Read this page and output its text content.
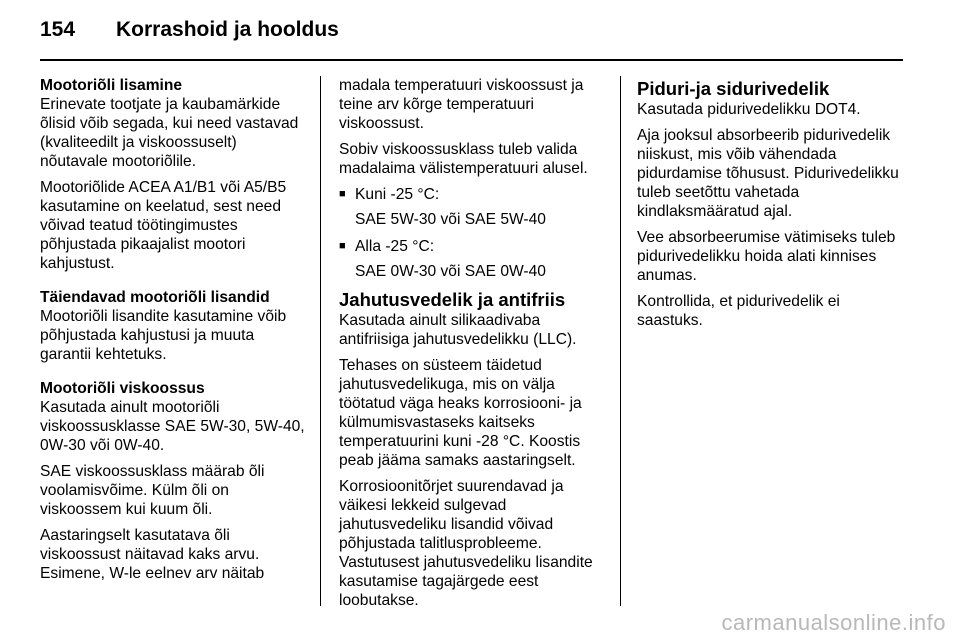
154 Korrashoid ja hooldus
Mootoriõli lisamine

Erinevate tootjate ja kaubamärkide õlisid võib segada, kui need vastavad (kvaliteedilt ja viskoossuselt) nõutavale mootoriõlile.

Mootoriõlide ACEA A1/B1 või A5/B5 kasutamine on keelatud, sest need võivad teatud töötingimustes põhjustada pikaajalist mootori kahjustust.

Täiendavad mootoriõli lisandid

Mootoriõli lisandite kasutamine võib põhjustada kahjustusi ja muuta garantii kehtetuks.

Mootoriõli viskoossus

Kasutada ainult mootoriõli viskoossusklasse SAE 5W-30, 5W-40, 0W-30 või 0W-40.

SAE viskoossusklass määrab õli voolamisvõime. Külm õli on viskoossem kui kuum õli.

Aastaringselt kasutatava õli viskoossust näitavad kaks arvu. Esimene, W-le eelnev arv näitab

madala temperatuuri viskoossust ja teine arv kõrge temperatuuri viskoossust.

Sobiv viskoossusklass tuleb valida madalaima välistemperatuuri alusel.

■ Kuni -25 °C:
SAE 5W-30 või SAE 5W-40
■ Alla -25 °C:
SAE 0W-30 või SAE 0W-40
Jahutusvedelik ja antifriis

Kasutada ainult silikaadivaba antifriisiga jahutusvedelikku (LLC).

Tehases on süsteem täidetud jahutusvedelikuga, mis on välja töötatud väga heaks korrosiooni- ja külmumisvastaseks kaitseks temperatuurini kuni -28 °C. Koostis peab jääma samaks aastaringselt.

Korrosioonitõrjet suurendavad ja väikesi lekkeid sulgevad jahutusvedeliku lisandid võivad põhjustada talitlusprobleeme. Vastutusest jahutusvedeliku lisandite kasutamise tagajärgede eest loobutakse.

Piduri-ja sidurivedelik

Kasutada pidurivedelikku DOT4.

Aja jooksul absorbeerib pidurivedelik niiskust, mis võib vähendada pidurdamise tõhusust. Pidurivedelikku tuleb seetõttu vahetada kindlaksmääratud ajal.

Vee absorbeerumise vätimiseks tuleb pidurivedelikku hoida alati kinnises anumas.

Kontrollida, et pidurivedelik ei saastuks.

carmanualsonline.info
